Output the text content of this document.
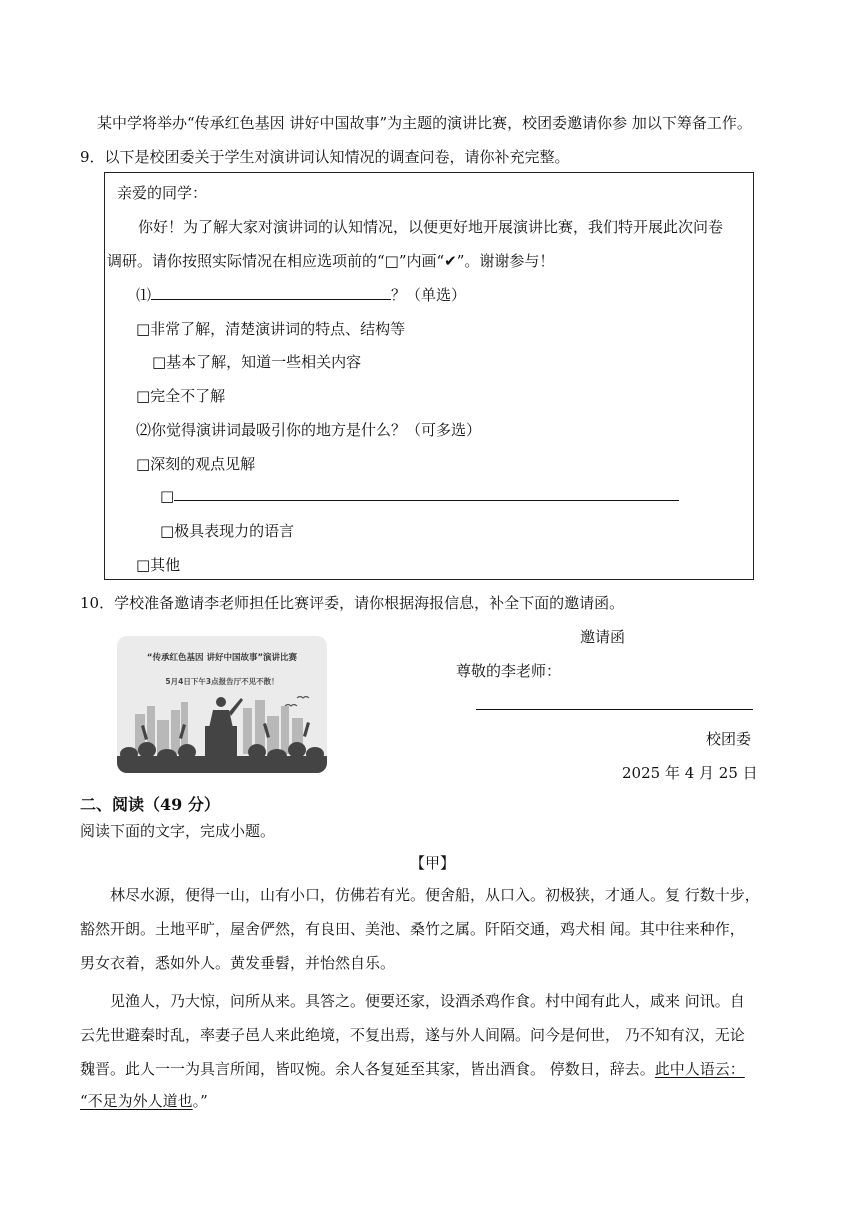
某中学将举办“传承红色基因 讲好中国故事”为主题的演讲比赛，校团委邀请你参 加以下筹备工作。
9．以下是校团委关于学生对演讲词认知情况的调查问卷，请你补充完整。
亲爱的同学：
你好！为了解大家对演讲词的认知情况，以便更好地开展演讲比赛，我们特开展此次问卷
调研。请你按照实际情况在相应选项前的“□”内画“✔”。谢谢参与！
⑴	？（单选）
□非常了解，清楚演讲词的特点、结构等
□基本了解，知道一些相关内容
□完全不了解
⑵你觉得演讲词最吸引你的地方是什么？（可多选）
□深刻的观点见解
□
□极具表现力的语言
□其他
10．学校准备邀请李老师担任比赛评委，请你根据海报信息，补全下面的邀请函。
“传承红色基因 讲好中国故事”演讲比赛
5月4日下午3点报告厅不见不散！
邀请函
尊敬的李老师：
校团委
2025 年 4 月 25 日
二、阅读（49 分）
阅读下面的文字，完成小题。
【甲】
林尽水源，便得一山，山有小口，仿佛若有光。便舍船，从口入。初极狭，才通人。复 行数十步，
豁然开朗。土地平旷，屋舍俨然，有良田、美池、桑竹之属。阡陌交通，鸡犬相 闻。其中往来种作，
男女衣着，悉如外人。黄发垂髫，并怡然自乐。
见渔人，乃大惊，问所从来。具答之。便要还家，设酒杀鸡作食。村中闻有此人，咸来 问讯。自
云先世避秦时乱，率妻子邑人来此绝境，不复出焉，遂与外人间隔。问今是何世， 乃不知有汉，无论
魏晋。此人一一为具言所闻，皆叹惋。余人各复延至其家，皆出酒食。 停数日，辞去。此中人语云：
“不足为外人道也。”
